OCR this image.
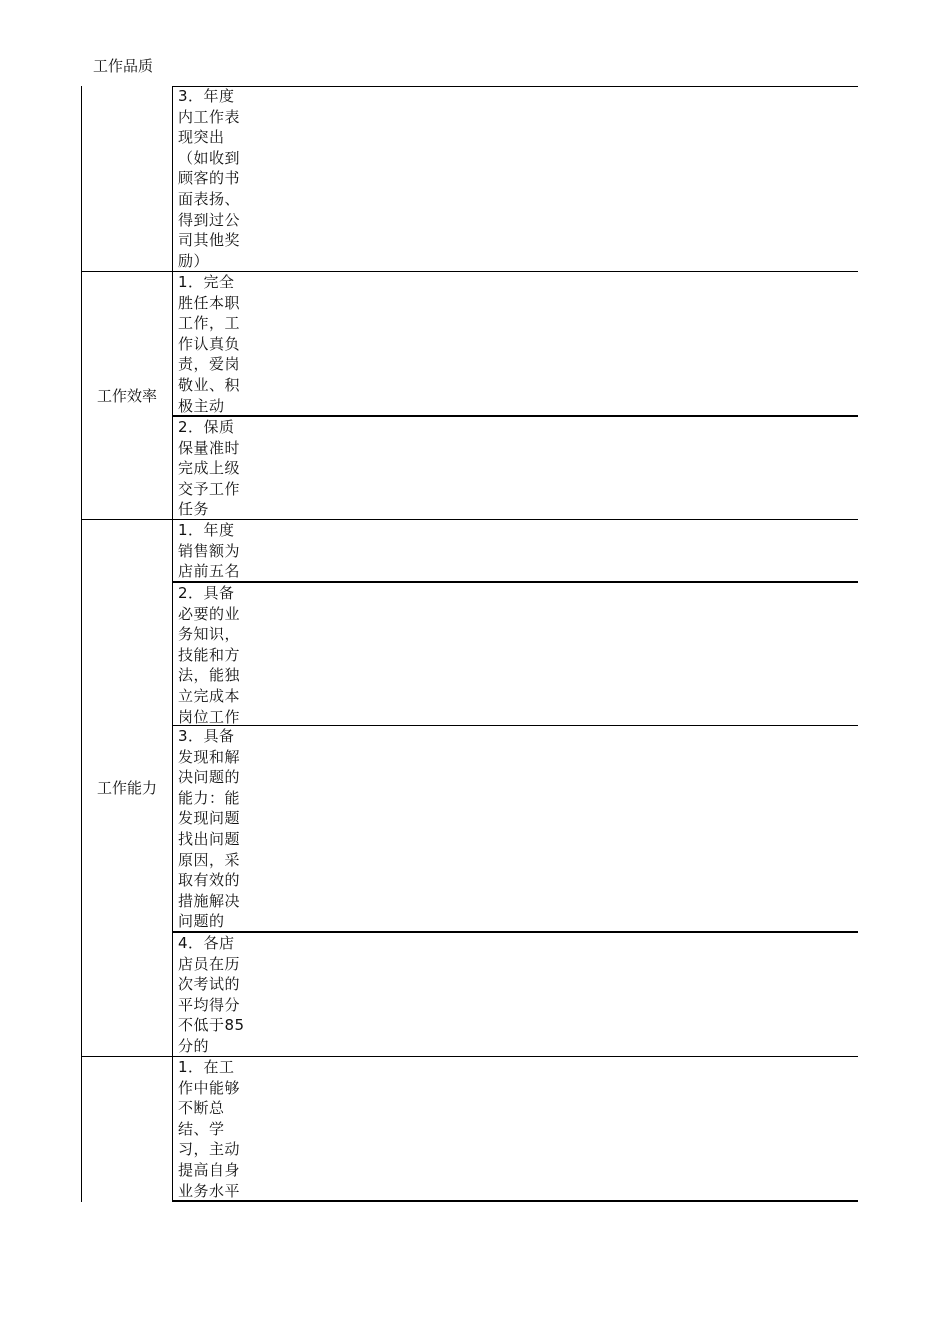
工作品质
工作效率
工作能力
3．年度内工作表现突出（如收到顾客的书面表扬、得到过公司其他奖励）
1．完全胜任本职工作，工作认真负责，爱岗敬业、积极主动
2．保质保量准时完成上级交予工作任务
1．年度销售额为店前五名
2．具备必要的业务知识，技能和方法，能独立完成本岗位工作
3．具备发现和解决问题的能力：能发现问题找出问题原因，采取有效的措施解决问题的
4．各店店员在历次考试的平均得分不低于85分的
1．在工作中能够不断总结、学习，主动提高自身业务水平
